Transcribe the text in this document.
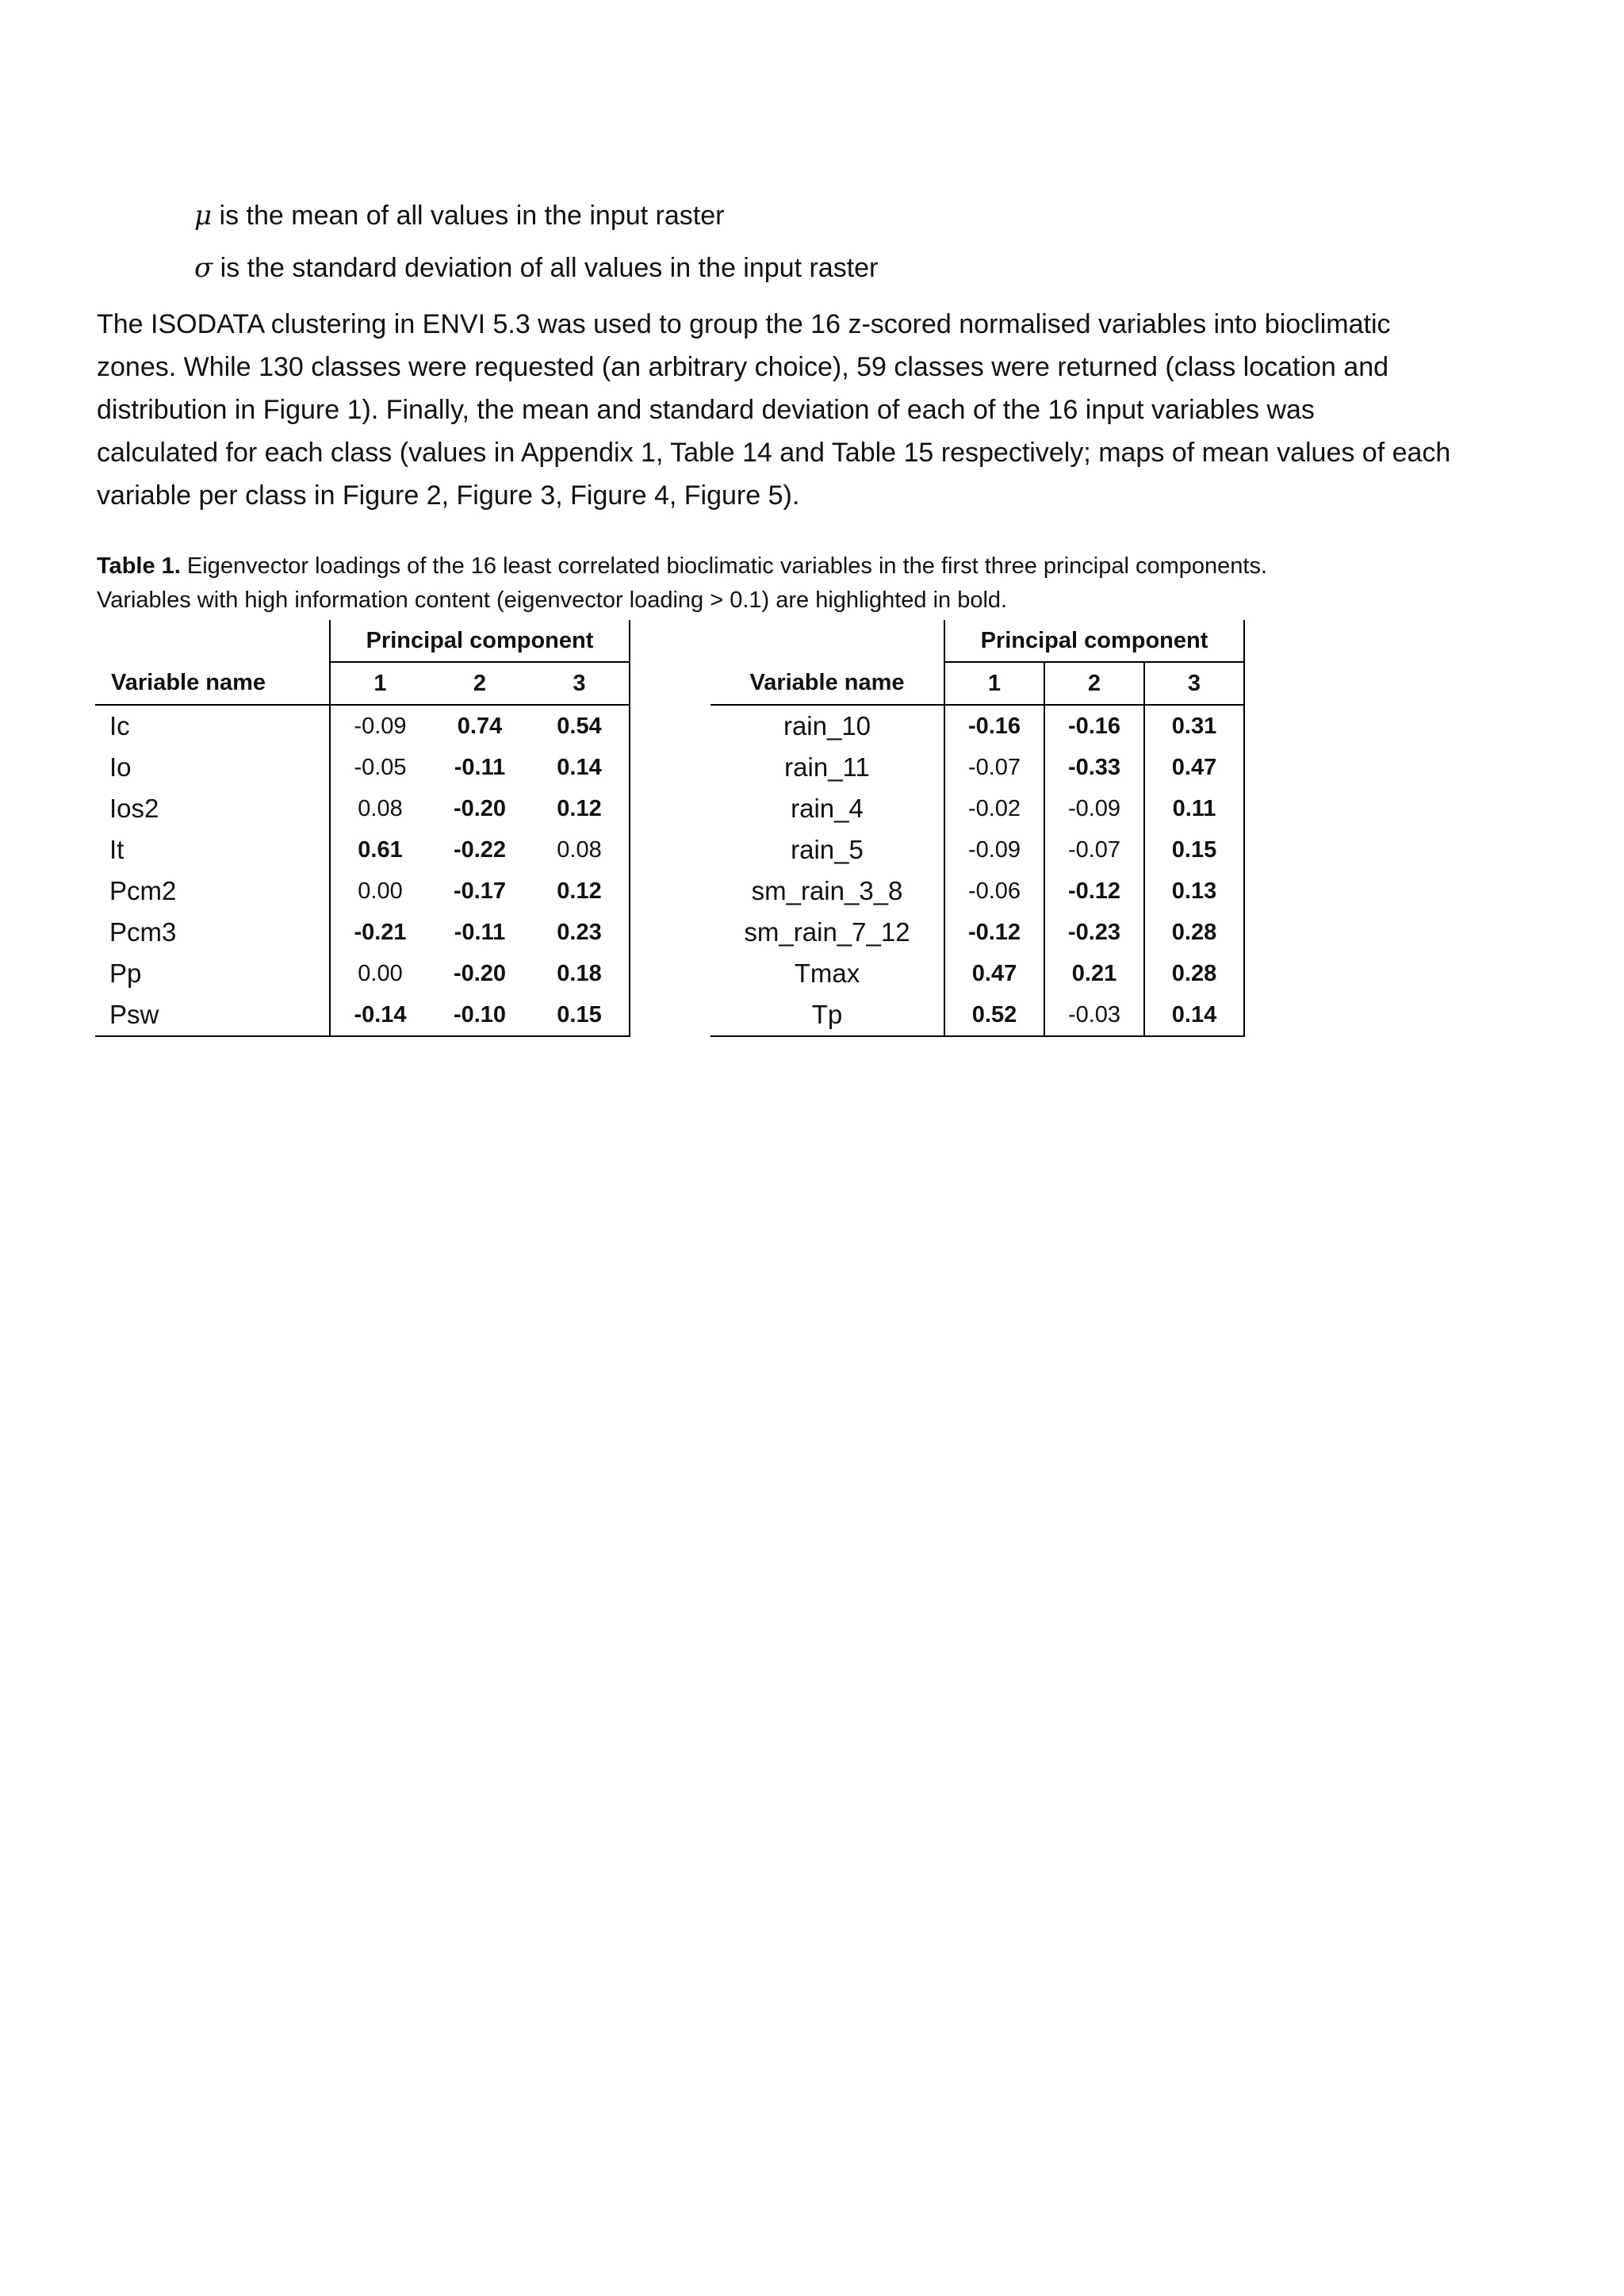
μ is the mean of all values in the input raster
σ is the standard deviation of all values in the input raster
The ISODATA clustering in ENVI 5.3 was used to group the 16 z-scored normalised variables into bioclimatic
zones. While 130 classes were requested (an arbitrary choice), 59 classes were returned (class location and
distribution in Figure 1). Finally, the mean and standard deviation of each of the 16 input variables was
calculated for each class (values in Appendix 1, Table 14 and Table 15 respectively; maps of mean values of each
variable per class in Figure 2, Figure 3, Figure 4, Figure 5).
Table 1. Eigenvector loadings of the 16 least correlated bioclimatic variables in the first three principal components.
Variables with high information content (eigenvector loading > 0.1) are highlighted in bold.
	Principal component		
Variable name	1	2	3
Ic	-0.09	0.74	0.54
Io	-0.05	-0.11	0.14
Ios2	0.08	-0.20	0.12
It	0.61	-0.22	0.08
Pcm2	0.00	-0.17	0.12
Pcm3	-0.21	-0.11	0.23
Pp	0.00	-0.20	0.18
Psw	-0.14	-0.10	0.15
	Principal component		
Variable name	1	2	3
rain_10	-0.16	-0.16	0.31
rain_11	-0.07	-0.33	0.47
rain_4	-0.02	-0.09	0.11
rain_5	-0.09	-0.07	0.15
sm_rain_3_8	-0.06	-0.12	0.13
sm_rain_7_12	-0.12	-0.23	0.28
Tmax	0.47	0.21	0.28
Tp	0.52	-0.03	0.14
